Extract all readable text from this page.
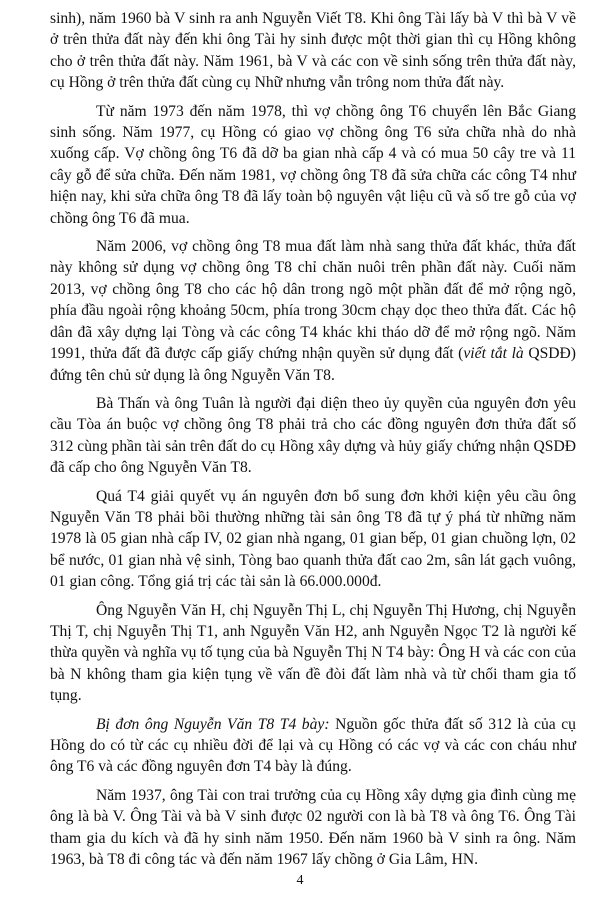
sinh), năm 1960 bà V sinh ra anh Nguyễn Viết T8. Khi ông Tài lấy bà V thì bà V về ở trên thửa đất này đến khi ông Tài hy sinh được một thời gian thì cụ Hồng không cho ở trên thửa đất này. Năm 1961, bà V và các con về sinh sống trên thửa đất này, cụ Hồng ở trên thửa đất cùng cụ Nhữ nhưng vẫn trông nom thửa đất này.

Từ năm 1973 đến năm 1978, thì vợ chồng ông T6 chuyển lên Bắc Giang sinh sống. Năm 1977, cụ Hồng có giao vợ chồng ông T6 sửa chữa nhà do nhà xuống cấp. Vợ chồng ông T6 đã dỡ ba gian nhà cấp 4 và có mua 50 cây tre và 11 cây gỗ để sửa chữa. Đến năm 1981, vợ chồng ông T8 đã sửa chữa các công T4 như hiện nay, khi sửa chữa ông T8 đã lấy toàn bộ nguyên vật liệu cũ và số tre gỗ của vợ chồng ông T6 đã mua.

Năm 2006, vợ chồng ông T8 mua đất làm nhà sang thửa đất khác, thửa đất này không sử dụng vợ chồng ông T8 chỉ chăn nuôi trên phần đất này. Cuối năm 2013, vợ chồng ông T8 cho các hộ dân trong ngõ một phần đất để mở rộng ngõ, phía đầu ngoài rộng khoảng 50cm, phía trong 30cm chạy dọc theo thửa đất. Các hộ dân đã xây dựng lại Tòng và các công T4 khác khi tháo dỡ để mở rộng ngõ. Năm 1991, thửa đất đã được cấp giấy chứng nhận quyền sử dụng đất (viết tắt là QSDĐ) đứng tên chủ sử dụng là ông Nguyễn Văn T8.

Bà Thấn và ông Tuân là người đại diện theo ủy quyền của nguyên đơn yêu cầu Tòa án buộc vợ chồng ông T8 phải trả cho các đồng nguyên đơn thửa đất số 312 cùng phần tài sản trên đất do cụ Hồng xây dựng và hủy giấy chứng nhận QSDĐ đã cấp cho ông Nguyễn Văn T8.

Quá T4 giải quyết vụ án nguyên đơn bổ sung đơn khởi kiện yêu cầu ông Nguyễn Văn T8 phải bồi thường những tài sản ông T8 đã tự ý phá từ những năm 1978 là 05 gian nhà cấp IV, 02 gian nhà ngang, 01 gian bếp, 01 gian chuồng lợn, 02 bể nước, 01 gian nhà vệ sinh, Tòng bao quanh thửa đất cao 2m, sân lát gạch vuông, 01 gian công. Tổng giá trị các tài sản là 66.000.000đ.

Ông Nguyễn Văn H, chị Nguyễn Thị L, chị Nguyễn Thị Hương, chị Nguyễn Thị T, chị Nguyễn Thị T1, anh Nguyễn Văn H2, anh Nguyễn Ngọc T2 là người kế thừa quyền và nghĩa vụ tố tụng của bà Nguyễn Thị N T4 bày: Ông H và các con của bà N không tham gia kiện tụng về vấn đề đòi đất làm nhà và từ chối tham gia tố tụng.

Bị đơn ông Nguyễn Văn T8 T4 bày: Nguồn gốc thửa đất số 312 là của cụ Hồng do có từ các cụ nhiều đời để lại và cụ Hồng có các vợ và các con cháu như ông T6 và các đồng nguyên đơn T4 bày là đúng.

Năm 1937, ông Tài con trai trưởng của cụ Hồng xây dựng gia đình cùng mẹ ông là bà V. Ông Tài và bà V sinh được 02 người con là bà T8 và ông T6. Ông Tài tham gia du kích và đã hy sinh năm 1950. Đến năm 1960 bà V sinh ra ông. Năm 1963, bà T8 đi công tác và đến năm 1967 lấy chồng ở Gia Lâm, HN.

4
